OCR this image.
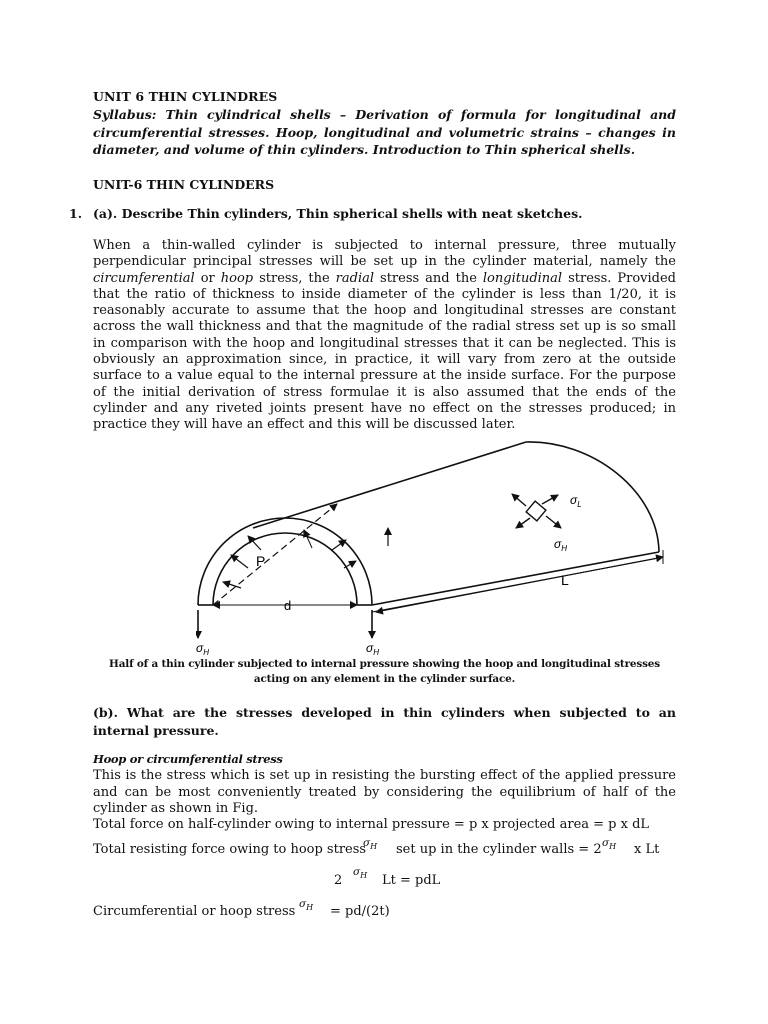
UNIT 6 THIN CYLINDRES
Syllabus: Thin cylindrical shells – Derivation of formula for longitudinal and circumferential stresses. Hoop, longitudinal and volumetric strains – changes in diameter, and volume of thin cylinders. Introduction to Thin spherical shells.
UNIT-6 THIN CYLINDERS
1. (a). Describe Thin cylinders, Thin spherical shells with neat sketches.
When a thin-walled cylinder is subjected to internal pressure, three mutually perpendicular principal stresses will be set up in the cylinder material, namely the circumferential or hoop stress, the radial stress and the longitudinal stress. Provided that the ratio of thickness to inside diameter of the cylinder is less than 1/20, it is reasonably accurate to assume that the hoop and longitudinal stresses are constant across the wall thickness and that the magnitude of the radial stress set up is so small in comparison with the hoop and longitudinal stresses that it can be neglected. This is obviously an approximation since, in practice, it will vary from zero at the outside surface to a value equal to the internal pressure at the inside surface. For the purpose of the initial derivation of stress formulae it is also assumed that the ends of the cylinder and any riveted joints present have no effect on the stresses produced; in practice they will have an effect and this will be discussed later.
P
d
L
$\sigma_H$	$\sigma_H$
$\sigma_L$
$\sigma_H$
Half of a thin cylinder subjected to internal pressure showing the hoop and longitudinal stresses acting on any element in the cylinder surface.
(b). What are the stresses developed in thin cylinders when subjected to an internal pressure.
Hoop or circumferential stress
This is the stress which is set up in resisting the bursting effect of the applied pressure and can be most conveniently treated by considering the equilibrium of half of the cylinder as shown in Fig.
Total force on half-cylinder owing to internal pressure = p x projected area = p x dL
Total resisting force owing to hoop stress
$\sigma_H$ set up in the cylinder walls = 2 $\sigma_H$ x Lt
2
$\sigma_H$ Lt = pdL
Circumferential or hoop stress $\sigma_H = pd/(2t)$
